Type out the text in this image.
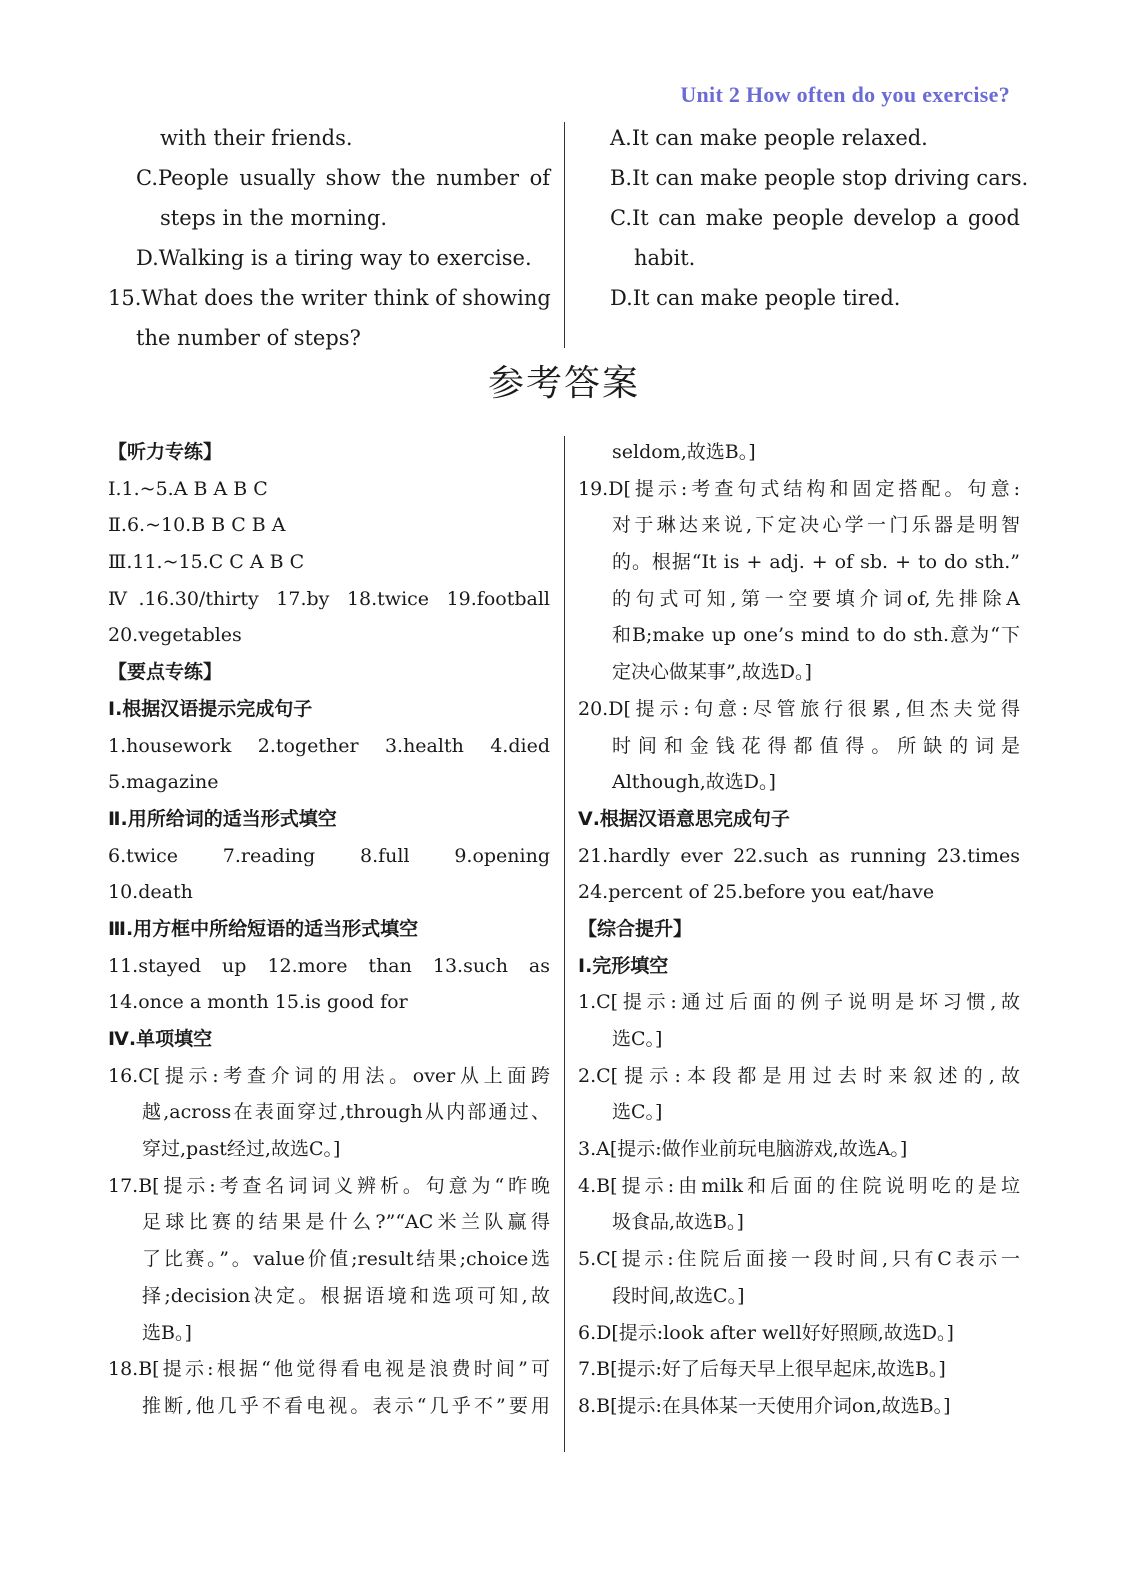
Unit 2 How often do you exercise?
with their friends.
C.People usually show the number of
steps in the morning.
D.Walking is a tiring way to exercise.
15.What does the writer think of showing
the number of steps?
A.It can make people relaxed.
B.It can make people stop driving cars.
C.It can make people develop a good
habit.
D.It can make people tired.
参考答案
【听力专练】
Ⅰ.1.~5.A B A B C
Ⅱ.6.~10.B B C B A
Ⅲ.11.~15.C C A B C
Ⅳ.16.30/thirty 17.by 18.twice 19.football
20.vegetables
【要点专练】
Ⅰ.根据汉语提示完成句子
1.housework 2.together 3.health 4.died
5.magazine
Ⅱ.用所给词的适当形式填空
6.twice 7.reading 8.full 9.opening
10.death
Ⅲ.用方框中所给短语的适当形式填空
11.stayed up 12.more than 13.such as
14.once a month 15.is good for
Ⅳ.单项填空
16.C[提示:考查介词的用法。over从上面跨
越,across在表面穿过,through从内部通过、
穿过,past经过,故选C。]
17.B[提示:考查名词词义辨析。句意为“昨晚
足球比赛的结果是什么?”“AC米兰队赢得
了比赛。”。value价值;result结果;choice选
择;decision决定。根据语境和选项可知,故
选B。]
18.B[提示:根据“他觉得看电视是浪费时间”可
推断,他几乎不看电视。表示“几乎不”要用
seldom,故选B。]
19.D[提示:考查句式结构和固定搭配。句意:
对于琳达来说,下定决心学一门乐器是明智
的。根据“It is + adj. + of sb. + to do sth.”
的句式可知,第一空要填介词of,先排除A
和B;make up one’s mind to do sth.意为“下
定决心做某事”,故选D。]
20.D[提示:句意:尽管旅行很累,但杰夫觉得
时间和金钱花得都值得。所缺的词是
Although,故选D。]
Ⅴ.根据汉语意思完成句子
21.hardly ever 22.such as running 23.times
24.percent of 25.before you eat/have
【综合提升】
Ⅰ.完形填空
1.C[提示:通过后面的例子说明是坏习惯,故
选C。]
2.C[提示:本段都是用过去时来叙述的,故
选C。]
3.A[提示:做作业前玩电脑游戏,故选A。]
4.B[提示:由milk和后面的住院说明吃的是垃
圾食品,故选B。]
5.C[提示:住院后面接一段时间,只有C表示一
段时间,故选C。]
6.D[提示:look after well好好照顾,故选D。]
7.B[提示:好了后每天早上很早起床,故选B。]
8.B[提示:在具体某一天使用介词on,故选B。]
